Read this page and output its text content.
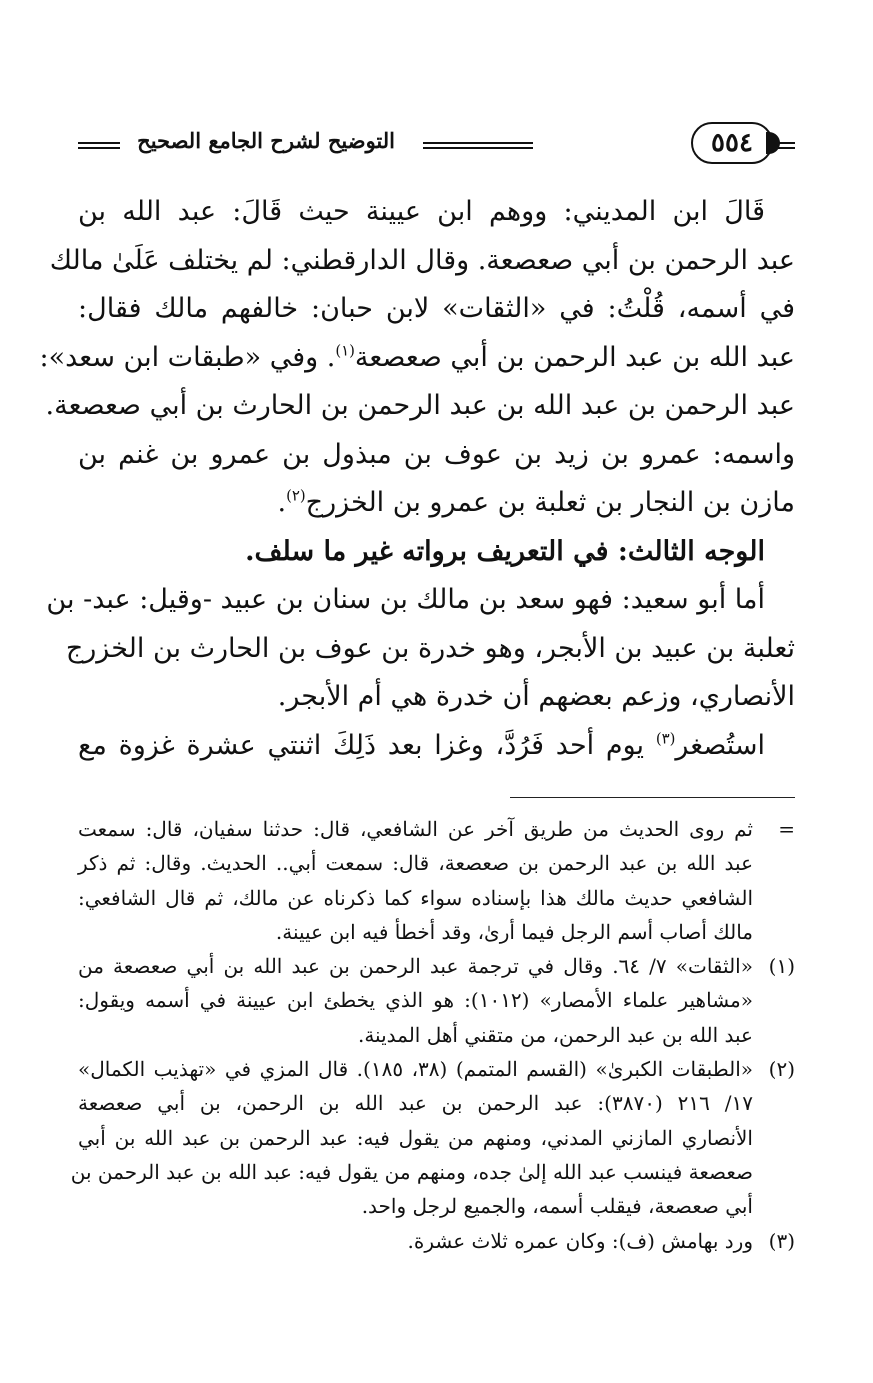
٥٥٤
التوضيح لشرح الجامع الصحيح
قَالَ ابن المديني: ووهم ابن عيينة حيث قَالَ: عبد الله بن
عبد الرحمن بن أبي صعصعة. وقال الدارقطني: لم يختلف عَلَىٰ مالك
في أسمه، قُلْتُ: في «الثقات» لابن حبان: خالفهم مالك فقال:
عبد الله بن عبد الرحمن بن أبي صعصعة$^{(١)}$. وفي «طبقات ابن سعد»:
عبد الرحمن بن عبد الله بن عبد الرحمن بن الحارث بن أبي صعصعة.
واسمه: عمرو بن زيد بن عوف بن مبذول بن عمرو بن غنم بن
مازن بن النجار بن ثعلبة بن عمرو بن الخزرج$^{(٢)}$.
الوجه الثالث: في التعريف برواته غير ما سلف.
أما أبو سعيد: فهو سعد بن مالك بن سنان بن عبيد -وقيل: عبد- بن
ثعلبة بن عبيد بن الأبجر، وهو خدرة بن عوف بن الحارث بن الخزرج
الأنصاري، وزعم بعضهم أن خدرة هي أم الأبجر.
استُصغر$^{(٣)}$ يوم أحد فَرُدَّ، وغزا بعد ذَلِكَ اثنتي عشرة غزوة مع
=
ثم روى الحديث من طريق آخر عن الشافعي، قال: حدثنا سفيان، قال: سمعت
عبد الله بن عبد الرحمن بن صعصعة، قال: سمعت أبي.. الحديث. وقال: ثم ذكر
الشافعي حديث مالك هذا بإسناده سواء كما ذكرناه عن مالك، ثم قال الشافعي:
مالك أصاب أسم الرجل فيما أرىٰ، وقد أخطأ فيه ابن عيينة.
(١)
«الثقات» ٧/ ٦٤. وقال في ترجمة عبد الرحمن بن عبد الله بن أبي صعصعة من
«مشاهير علماء الأمصار» (١٠١٢): هو الذي يخطئ ابن عيينة في أسمه ويقول:
عبد الله بن عبد الرحمن، من متقني أهل المدينة.
(٢)
«الطبقات الكبرىٰ» (القسم المتمم) (٣٨، ١٨٥). قال المزي في «تهذيب الكمال»
١٧/ ٢١٦ (٣٨٧٠): عبد الرحمن بن عبد الله بن الرحمن، بن أبي صعصعة
الأنصاري المازني المدني، ومنهم من يقول فيه: عبد الرحمن بن عبد الله بن أبي
صعصعة فينسب عبد الله إلىٰ جده، ومنهم من يقول فيه: عبد الله بن عبد الرحمن بن
أبي صعصعة، فيقلب أسمه، والجميع لرجل واحد.
(٣)
ورد بهامش (ف): وكان عمره ثلاث عشرة.
